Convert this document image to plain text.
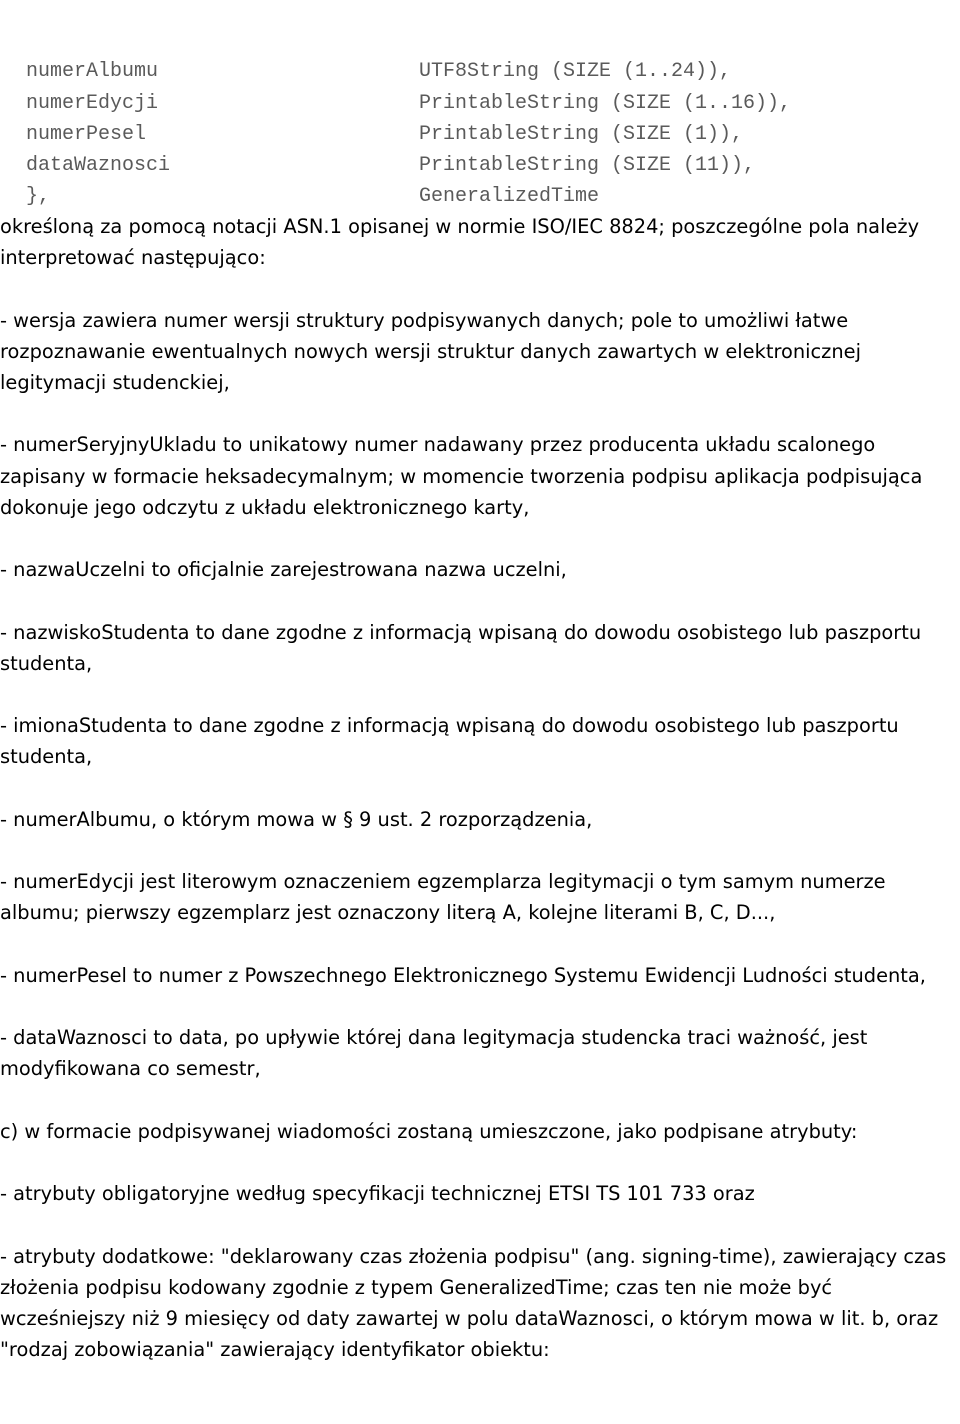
UTF8String (SIZE (1..24)),

numerAlbumu

PrintableString (SIZE (1..16)),

numerEdycji

PrintableString (SIZE (1)),

numerPesel

PrintableString (SIZE (11)),

dataWaznosci

GeneralizedTime

},

określoną za pomocą notacji ASN.1 opisanej w normie ISO/IEC 8824; poszczególne pola należy interpretować następująco:

- wersja zawiera numer wersji struktury podpisywanych danych; pole to umożliwi łatwe rozpoznawanie ewentualnych nowych wersji struktur danych zawartych w elektronicznej legitymacji studenckiej,

- numerSeryjnyUkladu to unikatowy numer nadawany przez producenta układu scalonego zapisany w formacie heksadecymalnym; w momencie tworzenia podpisu aplikacja podpisująca dokonuje jego odczytu z układu elektronicznego karty,

- nazwaUczelni to oficjalnie zarejestrowana nazwa uczelni,

- nazwiskoStudenta to dane zgodne z informacją wpisaną do dowodu osobistego lub paszportu studenta,

- imionaStudenta to dane zgodne z informacją wpisaną do dowodu osobistego lub paszportu studenta,

- numerAlbumu, o którym mowa w § 9 ust. 2 rozporządzenia,

- numerEdycji jest literowym oznaczeniem egzemplarza legitymacji o tym samym numerze albumu; pierwszy egzemplarz jest oznaczony literą A, kolejne literami B, C, D...,

- numerPesel to numer z Powszechnego Elektronicznego Systemu Ewidencji Ludności studenta,

- dataWaznosci to data, po upływie której dana legitymacja studencka traci ważność, jest modyfikowana co semestr,

c) w formacie podpisywanej wiadomości zostaną umieszczone, jako podpisane atrybuty:

- atrybuty obligatoryjne według specyfikacji technicznej ETSI TS 101 733 oraz

- atrybuty dodatkowe: "deklarowany czas złożenia podpisu" (ang. signing-time), zawierający czas złożenia podpisu kodowany zgodnie z typem GeneralizedTime; czas ten nie może być wcześniejszy niż 9 miesięcy od daty zawartej w polu dataWaznosci, o którym mowa w lit. b, oraz "rodzaj zobowiązania" zawierający identyfikator obiektu:
